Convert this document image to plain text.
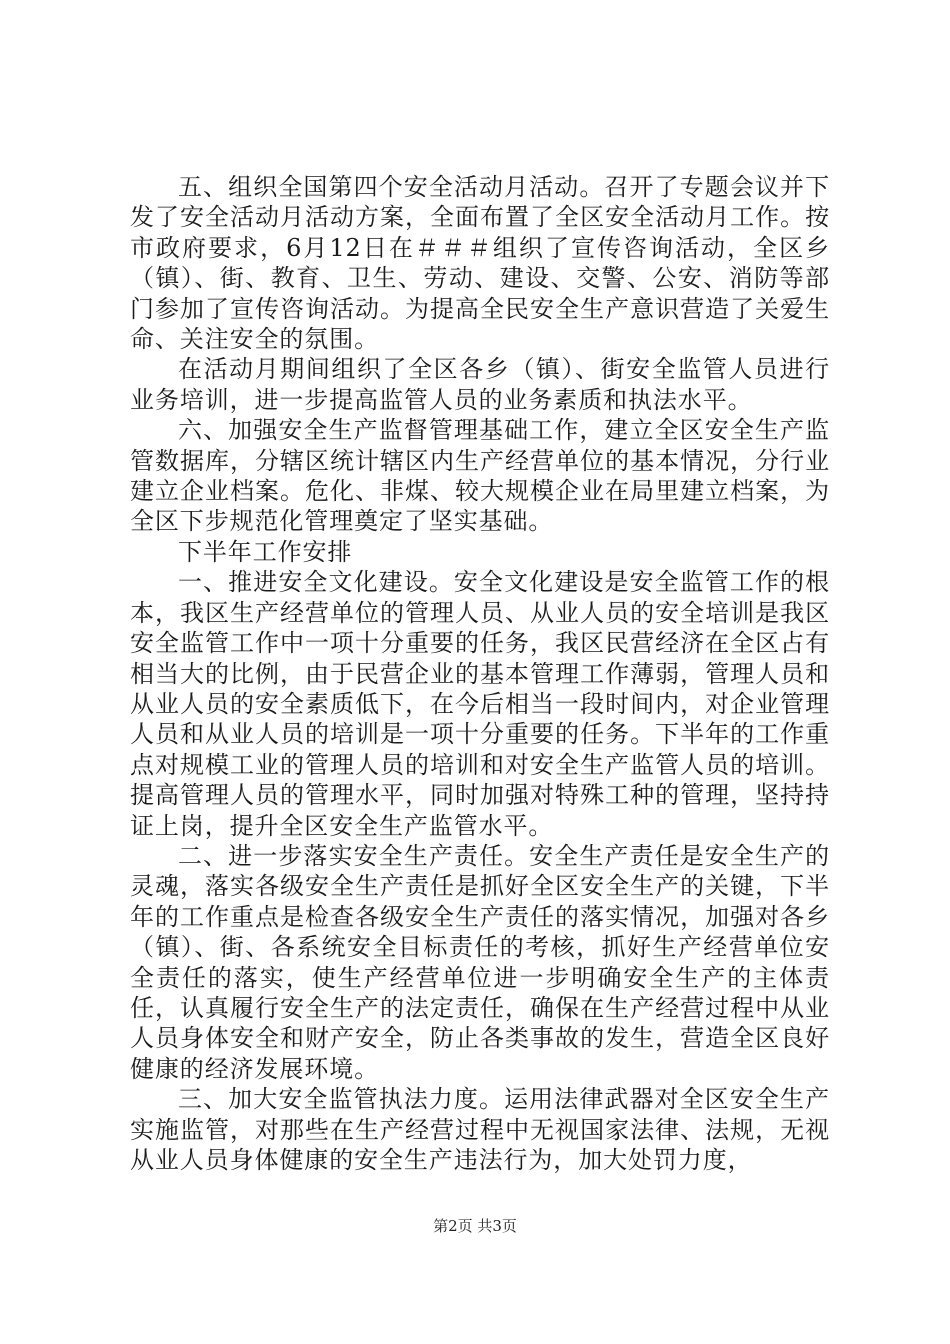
五、组织全国第四个安全活动月活动。召开了专题会议并下发了安全活动月活动方案，全面布置了全区安全活动月工作。按市政府要求，6月12日在＃＃＃组织了宣传咨询活动，全区乡（镇）、街、教育、卫生、劳动、建设、交警、公安、消防等部门参加了宣传咨询活动。为提高全民安全生产意识营造了关爱生命、关注安全的氛围。

在活动月期间组织了全区各乡（镇）、街安全监管人员进行业务培训，进一步提高监管人员的业务素质和执法水平。

六、加强安全生产监督管理基础工作，建立全区安全生产监管数据库，分辖区统计辖区内生产经营单位的基本情况，分行业建立企业档案。危化、非煤、较大规模企业在局里建立档案，为全区下步规范化管理奠定了坚实基础。

下半年工作安排

一、推进安全文化建设。安全文化建设是安全监管工作的根本，我区生产经营单位的管理人员、从业人员的安全培训是我区安全监管工作中一项十分重要的任务，我区民营经济在全区占有相当大的比例，由于民营企业的基本管理工作薄弱，管理人员和从业人员的安全素质低下，在今后相当一段时间内，对企业管理人员和从业人员的培训是一项十分重要的任务。下半年的工作重点对规模工业的管理人员的培训和对安全生产监管人员的培训。提高管理人员的管理水平，同时加强对特殊工种的管理，坚持持证上岗，提升全区安全生产监管水平。

二、进一步落实安全生产责任。安全生产责任是安全生产的灵魂，落实各级安全生产责任是抓好全区安全生产的关键，下半年的工作重点是检查各级安全生产责任的落实情况，加强对各乡（镇）、街、各系统安全目标责任的考核，抓好生产经营单位安全责任的落实，使生产经营单位进一步明确安全生产的主体责任，认真履行安全生产的法定责任，确保在生产经营过程中从业人员身体安全和财产安全，防止各类事故的发生，营造全区良好健康的经济发展环境。

三、加大安全监管执法力度。运用法律武器对全区安全生产实施监管，对那些在生产经营过程中无视国家法律、法规，无视从业人员身体健康的安全生产违法行为，加大处罚力度，

第2页 共3页
